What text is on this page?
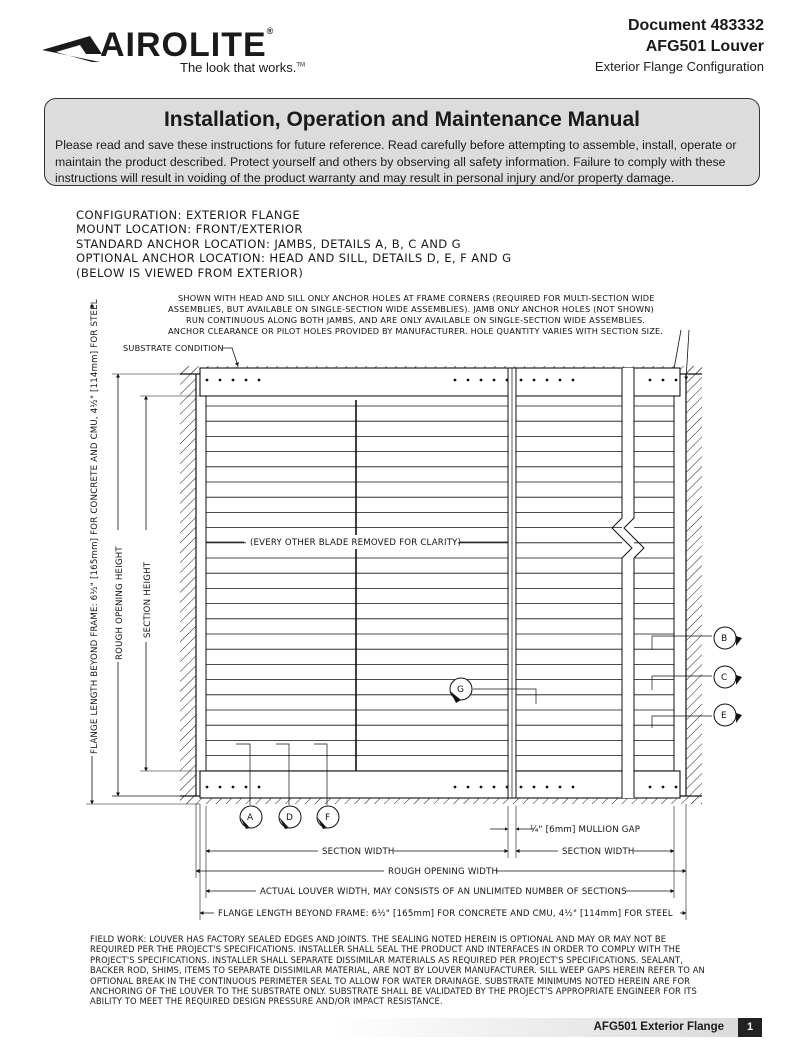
AIROLITE®
The look that works.™
Document 483332
AFG501 Louver
Exterior Flange Configuration
Installation, Operation and Maintenance Manual

Please read and save these instructions for future reference. Read carefully before attempting to assemble, install, operate or maintain the product described. Protect yourself and others by observing all safety information. Failure to comply with these instructions will result in voiding of the product warranty and may result in personal injury and/or property damage.

CONFIGURATION: EXTERIOR FLANGE
MOUNT LOCATION: FRONT/EXTERIOR
STANDARD ANCHOR LOCATION: JAMBS, DETAILS A, B, C AND G
OPTIONAL ANCHOR LOCATION: HEAD AND SILL, DETAILS D, E, F AND G
(BELOW IS VIEWED FROM EXTERIOR)
SHOWN WITH HEAD AND SILL ONLY ANCHOR HOLES AT FRAME CORNERS (REQUIRED FOR MULTI-SECTION WIDE
ASSEMBLIES, BUT AVAILABLE ON SINGLE-SECTION WIDE ASSEMBLIES). JAMB ONLY ANCHOR HOLES (NOT SHOWN)
RUN CONTINUOUS ALONG BOTH JAMBS, AND ARE ONLY AVAILABLE ON SINGLE-SECTION WIDE ASSEMBLIES.
ANCHOR CLEARANCE OR PILOT HOLES PROVIDED BY MANUFACTURER. HOLE QUANTITY VARIES WITH SECTION SIZE.
SUBSTRATE CONDITION
(EVERY OTHER BLADE REMOVED FOR CLARITY)
SECTION HEIGHT
ROUGH OPENING HEIGHT
FLANGE LENGTH BEYOND FRAME: 6½" [165mm] FOR CONCRETE AND CMU, 4½" [114mm] FOR STEEL	B
C
E
G
A	D	F
¼" [6mm] MULLION GAP
SECTION WIDTH	SECTION WIDTH
ROUGH OPENING WIDTH
ACTUAL LOUVER WIDTH, MAY CONSISTS OF AN UNLIMITED NUMBER OF SECTIONS
FLANGE LENGTH BEYOND FRAME: 6½" [165mm] FOR CONCRETE AND CMU, 4½" [114mm] FOR STEEL
FIELD WORK: LOUVER HAS FACTORY SEALED EDGES AND JOINTS. THE SEALING NOTED HEREIN IS OPTIONAL AND MAY OR MAY NOT BE REQUIRED PER THE PROJECT'S SPECIFICATIONS. INSTALLER SHALL SEAL THE PRODUCT AND INTERFACES IN ORDER TO COMPLY WITH THE PROJECT'S SPECIFICATIONS. INSTALLER SHALL SEPARATE DISSIMILAR MATERIALS AS REQUIRED PER PROJECT'S SPECIFICATIONS. SEALANT, BACKER ROD, SHIMS, ITEMS TO SEPARATE DISSIMILAR MATERIAL, ARE NOT BY LOUVER MANUFACTURER. SILL WEEP GAPS HEREIN REFER TO AN OPTIONAL BREAK IN THE CONTINUOUS PERIMETER SEAL TO ALLOW FOR WATER DRAINAGE. SUBSTRATE MINIMUMS NOTED HEREIN ARE FOR ANCHORING OF THE LOUVER TO THE SUBSTRATE ONLY. SUBSTRATE SHALL BE VALIDATED BY THE PROJECT'S APPROPRIATE ENGINEER FOR ITS ABILITY TO MEET THE REQUIRED DESIGN PRESSURE AND/OR IMPACT RESISTANCE.
AFG501 Exterior Flange	1
